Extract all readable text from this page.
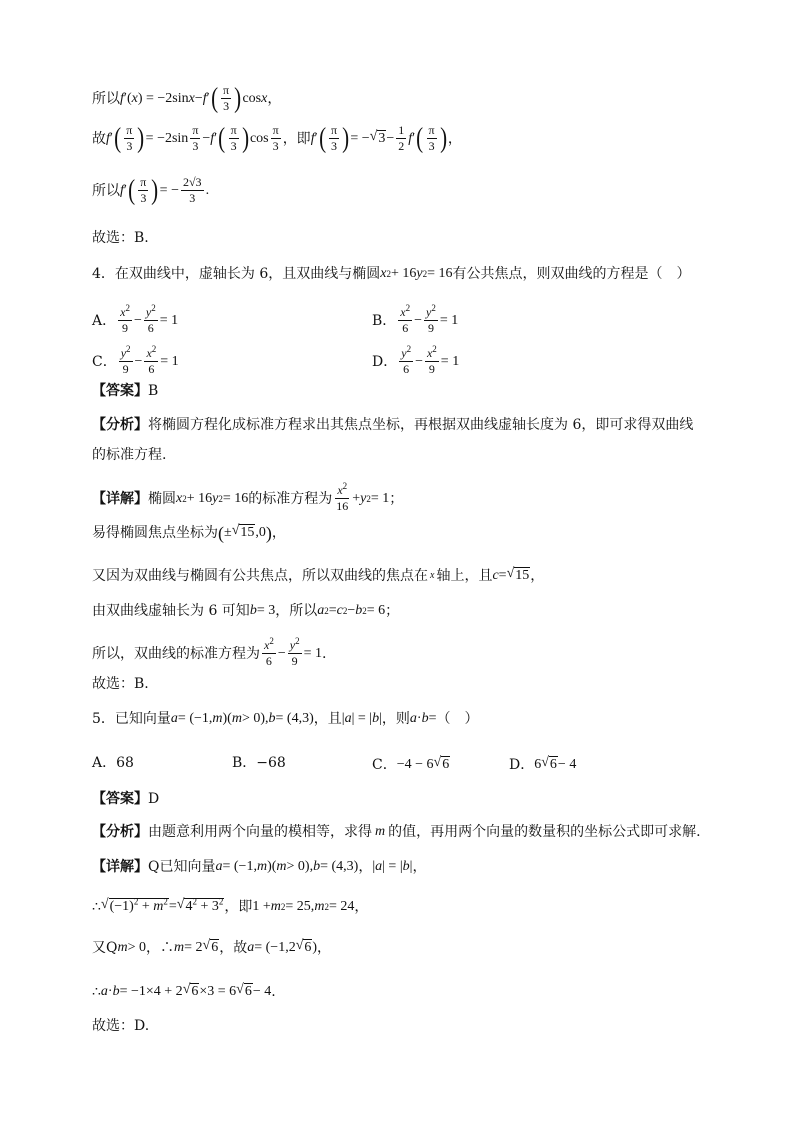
所以 f ′( x ) = −2sin x − f ′ ( $\frac{\pi}{3}$ ) cos x ，
故 f ′ ( $\frac{\pi}{3}$ ) = $-2\sin \frac{\pi}{3} - f$ ′ ( $\frac{\pi}{3}$ ) $\cos \frac{\pi}{3}$ ，即 f ′ ( $\frac{\pi}{3}$ ) = − √ $3 - \frac{1}{2}$ f ′ ( $\frac{\pi}{3}$ ) ，
所以 f ′ ( $\frac{\pi}{3}$ ) = − $\frac{2√3}{3}$ .
故选：B.
4．在双曲线中，虚轴长为 6，且双曲线与椭圆 x 2 + 16 y 2 = 16 有公共焦点，则双曲线的方程是（　）
A． $\frac{x^2}{9} - \frac{y^2}{6} = 1$	B． $\frac{x^2}{6} - \frac{y^2}{9} = 1$
C． $\frac{y^2}{9} - \frac{x^2}{6} = 1$	D． $\frac{y^2}{6} - \frac{x^2}{9} = 1$
【答案】 B
【分析】 将椭圆方程化成标准方程求出其焦点坐标，再根据双曲线虚轴长度为 6，即可求得双曲线
的标准方程.
【详解】 椭圆 x 2 + 16 y 2 = 16 的标准方程为 $\frac{x^2}{16} + y$ 2 = 1 ；
易得椭圆焦点坐标为 ( ± √ 15 ,0 ) ，
又因为双曲线与椭圆有公共焦点，所以双曲线的焦点在 x 轴上，且 c = √ 15 ，
由双曲线虚轴长为 6 可知 b = 3 ，所以 a 2 = c 2 − b 2 = 6 ；
所以，双曲线的标准方程为 $\frac{x^2}{6} - \frac{y^2}{9} = 1$ .
故选：B.
5．已知向量 a = (−1, m )( m > 0), b = (4,3) ，且 | a | = | b | ，则 a · b = （　）
A．68	B．−68	C． −4 − 6 √ 6	D． 6 √ 6 − 4
【答案】 D
【分析】 由题意利用两个向量的模相等，求得 m 的值，再用两个向量的数量积的坐标公式即可求解.
【详解】 Q已知向量 a = (−1, m )( m > 0), b = (4,3) ， | a | = | b | ，
∴ √ $(-1)^2 + m^2$ = √ $4^2 + 3^2$ ，即 1 + m 2 = 25, m 2 = 24 ，
又Q m > 0 ，∴ m = 2 √ 6 ，故 a = (−1,2 √ 6 ) ，
∴ a · b = −1×4 + 2 √ 6 ×3 = 6 √ 6 − 4 .
故选：D.
